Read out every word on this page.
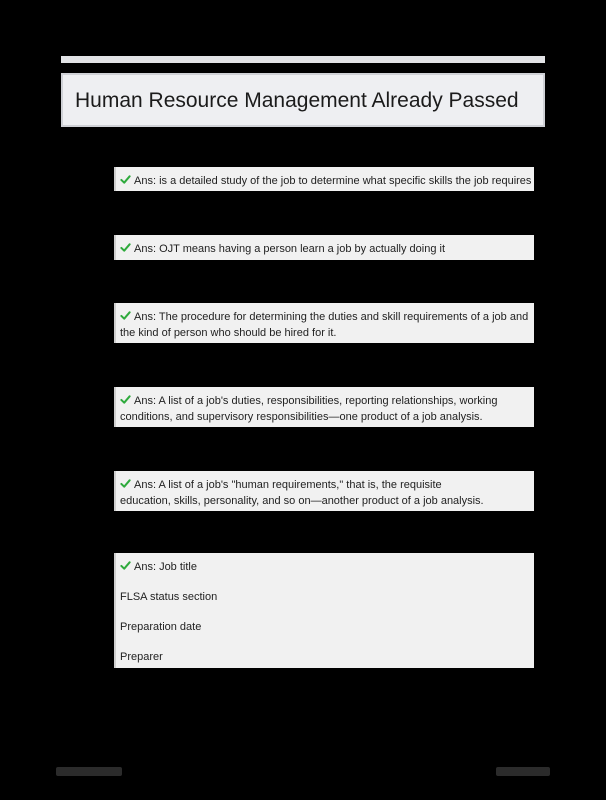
Human Resource Management Already Passed
Ans: is a detailed study of the job to determine what specific skills the job requires
Ans: OJT means having a person learn a job by actually doing it
Ans: The procedure for determining the duties and skill requirements of a job and
the kind of person who should be hired for it.
Ans: A list of a job's duties, responsibilities, reporting relationships, working
conditions, and supervisory responsibilities—one product of a job analysis.
Ans: A list of a job's "human requirements," that is, the requisite
education, skills, personality, and so on—another product of a job analysis.
Ans: Job title
FLSA status section
Preparation date
Preparer
